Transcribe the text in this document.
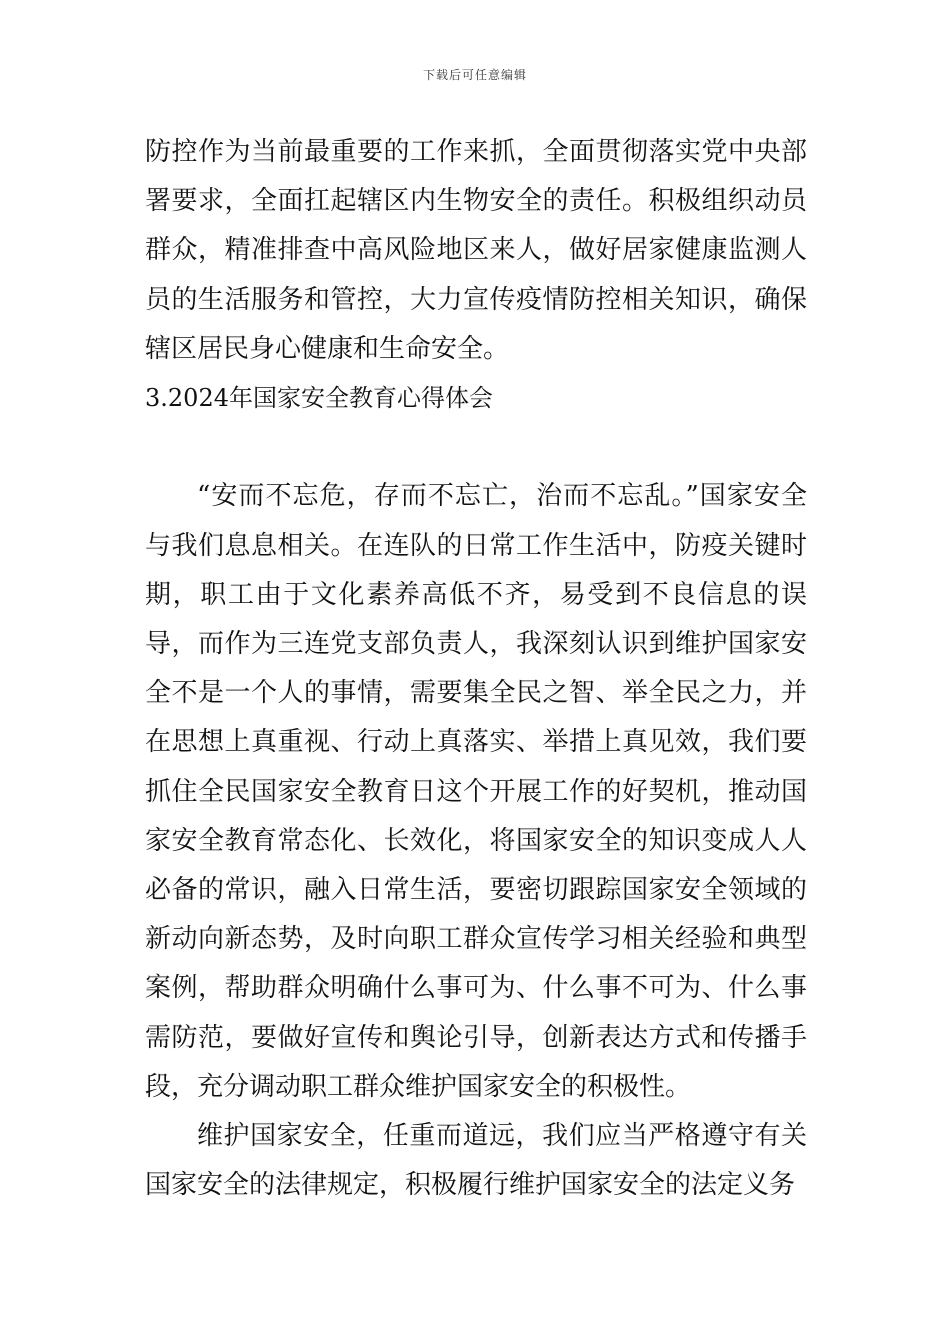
下载后可任意编辑

防控作为当前最重要的工作来抓，全面贯彻落实党中央部署要求，全面扛起辖区内生物安全的责任。积极组织动员群众，精准排查中高风险地区来人，做好居家健康监测人员的生活服务和管控，大力宣传疫情防控相关知识，确保辖区居民身心健康和生命安全。

3.2024年国家安全教育心得体会

“安而不忘危，存而不忘亡，治而不忘乱。”国家安全与我们息息相关。在连队的日常工作生活中，防疫关键时期，职工由于文化素养高低不齐，易受到不良信息的误导，而作为三连党支部负责人，我深刻认识到维护国家安全不是一个人的事情，需要集全民之智、举全民之力，并在思想上真重视、行动上真落实、举措上真见效，我们要抓住全民国家安全教育日这个开展工作的好契机，推动国家安全教育常态化、长效化，将国家安全的知识变成人人必备的常识，融入日常生活，要密切跟踪国家安全领域的新动向新态势，及时向职工群众宣传学习相关经验和典型案例，帮助群众明确什么事可为、什么事不可为、什么事需防范，要做好宣传和舆论引导，创新表达方式和传播手段，充分调动职工群众维护国家安全的积极性。

维护国家安全，任重而道远，我们应当严格遵守有关国家安全的法律规定，积极履行维护国家安全的法定义务
